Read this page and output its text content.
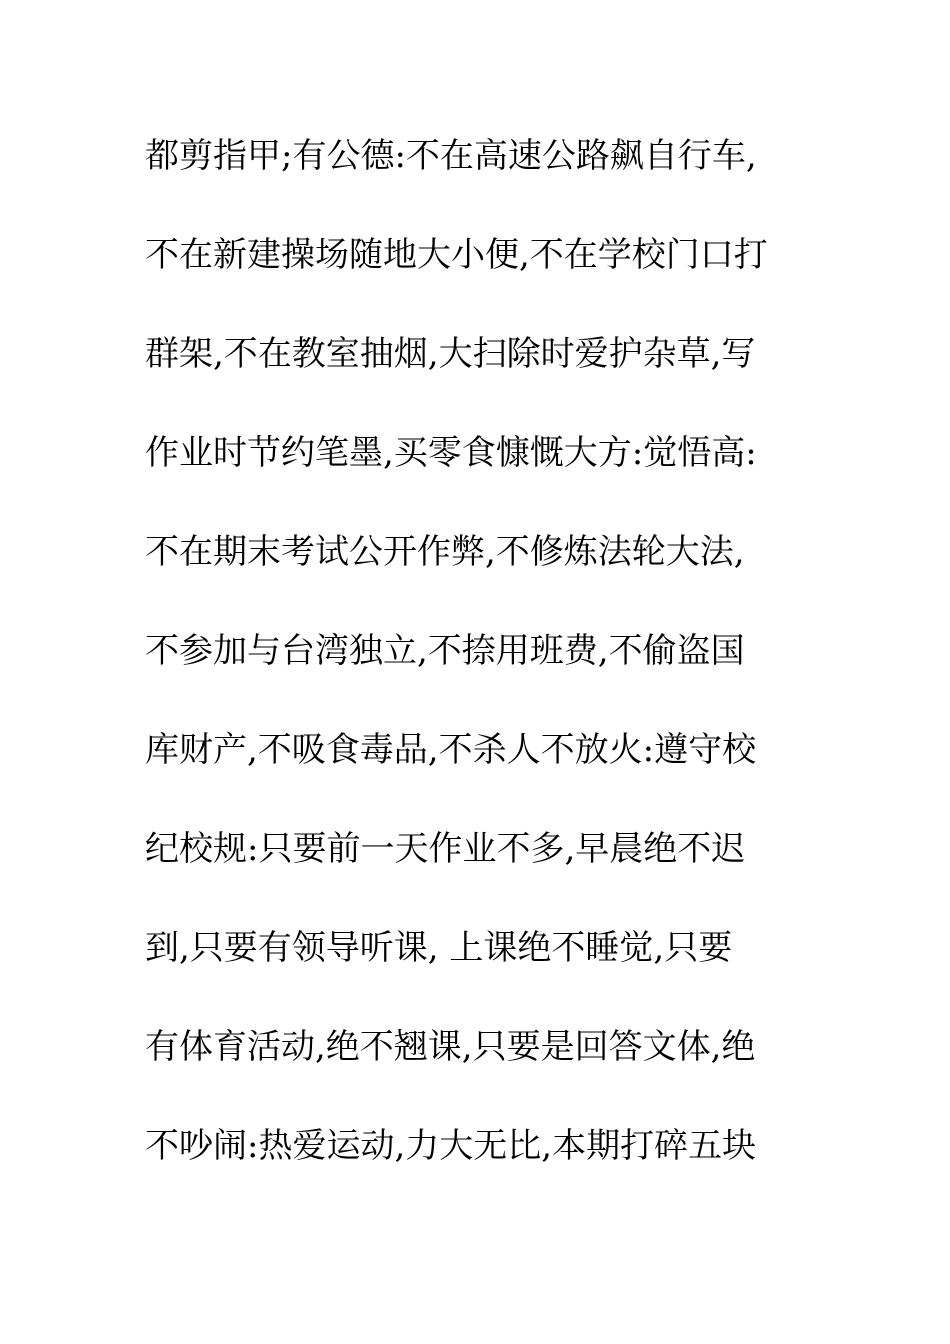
都剪指甲;有公德:不在高速公路飙自行车,
不在新建操场随地大小便,不在学校门口打
群架,不在教室抽烟,大扫除时爱护杂草,写
作业时节约笔墨,买零食慷慨大方:觉悟高:
不在期末考试公开作弊,不修炼法轮大法,
不参加与台湾独立,不捺用班费,不偷盗国
库财产,不吸食毒品,不杀人不放火:遵守校
纪校规:只要前一天作业不多,早晨绝不迟
到,只要有领导听课, 上课绝不睡觉,只要
有体育活动,绝不翘课,只要是回答文体,绝
不吵闹:热爱运动,力大无比,本期打碎五块
